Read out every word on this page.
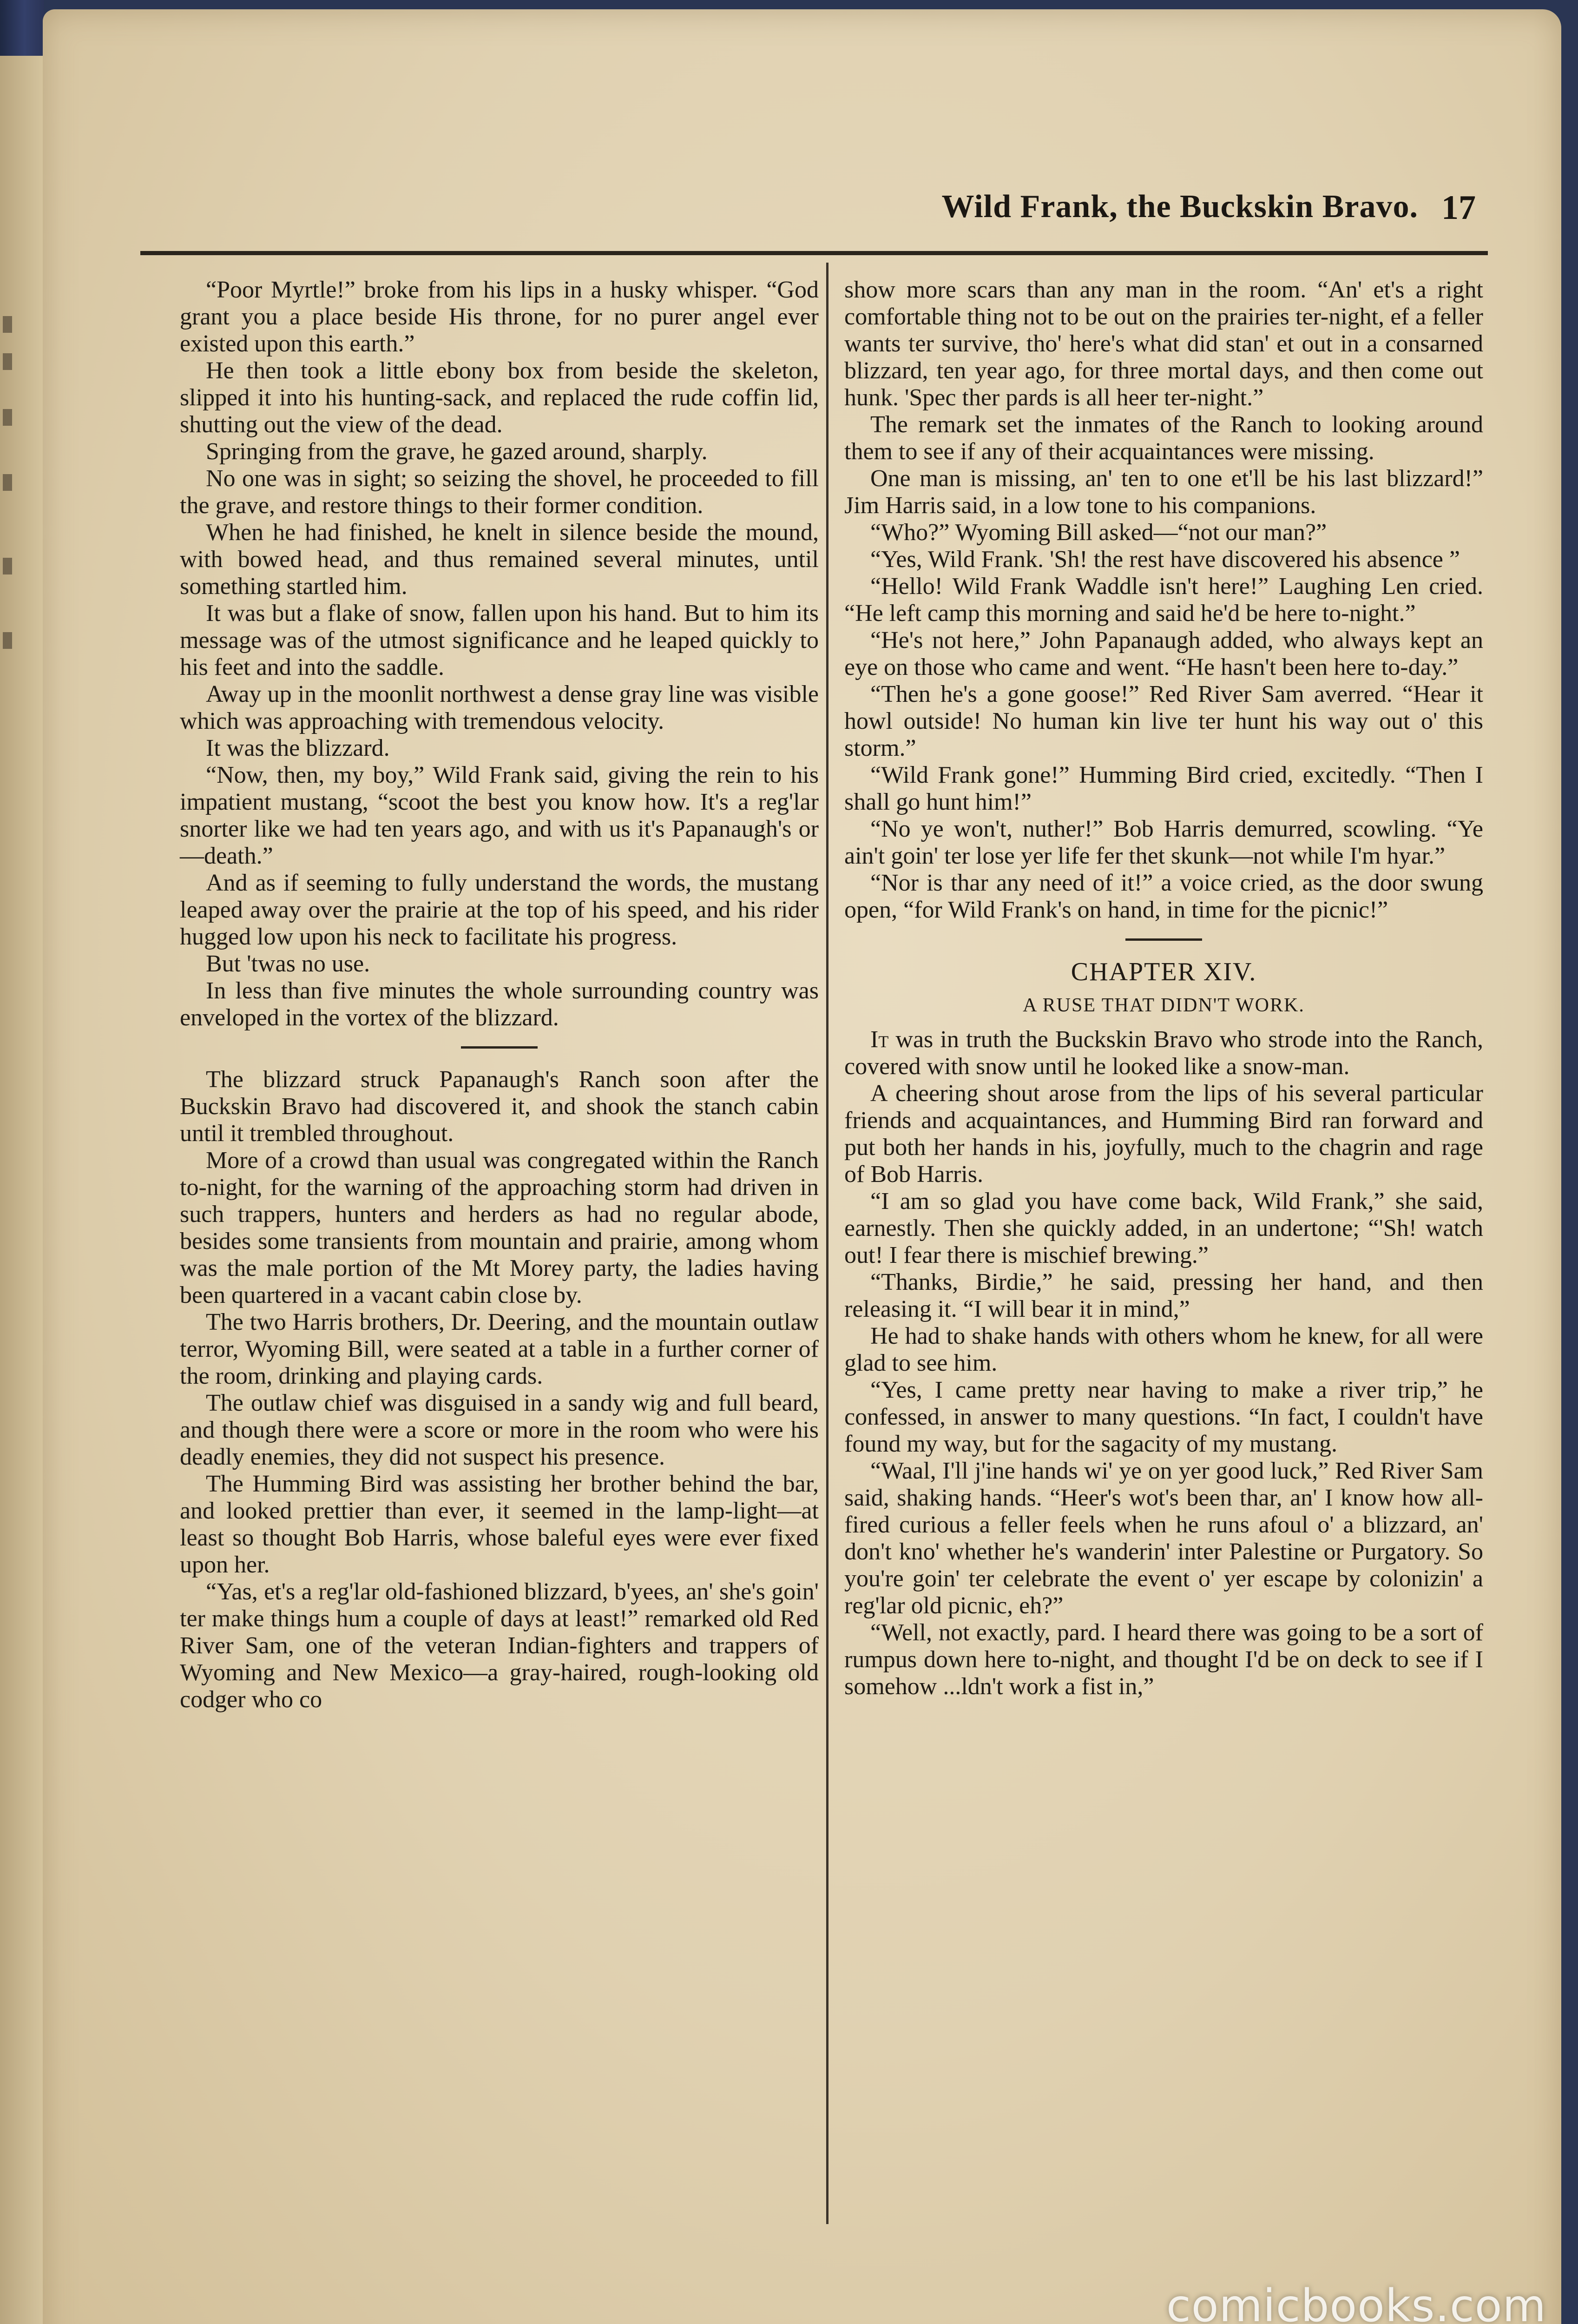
Wild Frank, the Buckskin Bravo. 17

“Poor Myrtle!” broke from his lips in a husky whisper. “God grant you a place beside His throne, for no purer angel ever existed upon this earth.”

He then took a little ebony box from beside the skeleton, slipped it into his hunting-sack, and replaced the rude coffin lid, shutting out the view of the dead.

Springing from the grave, he gazed around, sharply.

No one was in sight; so seizing the shovel, he proceeded to fill the grave, and restore things to their former condition.

When he had finished, he knelt in silence beside the mound, with bowed head, and thus remained several minutes, until something startled him.

It was but a flake of snow, fallen upon his hand. But to him its message was of the utmost significance and he leaped quickly to his feet and into the saddle.

Away up in the moonlit northwest a dense gray line was visible which was approaching with tremendous velocity.

It was the blizzard.

“Now, then, my boy,” Wild Frank said, giving the rein to his impatient mustang, “scoot the best you know how. It's a reg'lar snorter like we had ten years ago, and with us it's Papanaugh's or—death.”

And as if seeming to fully understand the words, the mustang leaped away over the prairie at the top of his speed, and his rider hugged low upon his neck to facilitate his progress.

But 'twas no use.

In less than five minutes the whole surrounding country was enveloped in the vortex of the blizzard.

The blizzard struck Papanaugh's Ranch soon after the Buckskin Bravo had discovered it, and shook the stanch cabin until it trembled throughout.

More of a crowd than usual was congregated within the Ranch to-night, for the warning of the approaching storm had driven in such trappers, hunters and herders as had no regular abode, besides some transients from mountain and prairie, among whom was the male portion of the Mt Morey party, the ladies having been quartered in a vacant cabin close by.

The two Harris brothers, Dr. Deering, and the mountain outlaw terror, Wyoming Bill, were seated at a table in a further corner of the room, drinking and playing cards.

The outlaw chief was disguised in a sandy wig and full beard, and though there were a score or more in the room who were his deadly enemies, they did not suspect his presence.

The Humming Bird was assisting her brother behind the bar, and looked prettier than ever, it seemed in the lamp-light—at least so thought Bob Harris, whose baleful eyes were ever fixed upon her.

“Yas, et's a reg'lar old-fashioned blizzard, b'yees, an' she's goin' ter make things hum a couple of days at least!” remarked old Red River Sam, one of the veteran Indian-fighters and trappers of Wyoming and New Mexico—a gray-haired, rough-looking old codger who co

show more scars than any man in the room. “An' et's a right comfortable thing not to be out on the prairies ter-night, ef a feller wants ter survive, tho' here's what did stan' et out in a consarned blizzard, ten year ago, for three mortal days, and then come out hunk. 'Spec ther pards is all heer ter-night.”

The remark set the inmates of the Ranch to looking around them to see if any of their acquaintances were missing.

One man is missing, an' ten to one et'll be his last blizzard!” Jim Harris said, in a low tone to his companions.

“Who?” Wyoming Bill asked—“not our man?”

“Yes, Wild Frank. 'Sh! the rest have discovered his absence ”

“Hello! Wild Frank Waddle isn't here!” Laughing Len cried. “He left camp this morning and said he'd be here to-night.”

“He's not here,” John Papanaugh added, who always kept an eye on those who came and went. “He hasn't been here to-day.”

“Then he's a gone goose!” Red River Sam averred. “Hear it howl outside! No human kin live ter hunt his way out o' this storm.”

“Wild Frank gone!” Humming Bird cried, excitedly. “Then I shall go hunt him!”

“No ye won't, nuther!” Bob Harris demurred, scowling. “Ye ain't goin' ter lose yer life fer thet skunk—not while I'm hyar.”

“Nor is thar any need of it!” a voice cried, as the door swung open, “for Wild Frank's on hand, in time for the picnic!”

CHAPTER XIV.

A RUSE THAT DIDN'T WORK.

It was in truth the Buckskin Bravo who strode into the Ranch, covered with snow until he looked like a snow-man.

A cheering shout arose from the lips of his several particular friends and acquaintances, and Humming Bird ran forward and put both her hands in his, joyfully, much to the chagrin and rage of Bob Harris.

“I am so glad you have come back, Wild Frank,” she said, earnestly. Then she quickly added, in an undertone; “'Sh! watch out! I fear there is mischief brewing.”

“Thanks, Birdie,” he said, pressing her hand, and then releasing it. “I will bear it in mind,”

He had to shake hands with others whom he knew, for all were glad to see him.

“Yes, I came pretty near having to make a river trip,” he confessed, in answer to many questions. “In fact, I couldn't have found my way, but for the sagacity of my mustang.

“Waal, I'll j'ine hands wi' ye on yer good luck,” Red River Sam said, shaking hands. “Heer's wot's been thar, an' I know how all-fired curious a feller feels when he runs afoul o' a blizzard, an' don't kno' whether he's wanderin' inter Palestine or Purgatory. So you're goin' ter celebrate the event o' yer escape by colonizin' a reg'lar old picnic, eh?”

“Well, not exactly, pard. I heard there was going to be a sort of rumpus down here to-night, and thought I'd be on deck to see if I somehow ...ldn't work a fist in,”

comicbooks.com
